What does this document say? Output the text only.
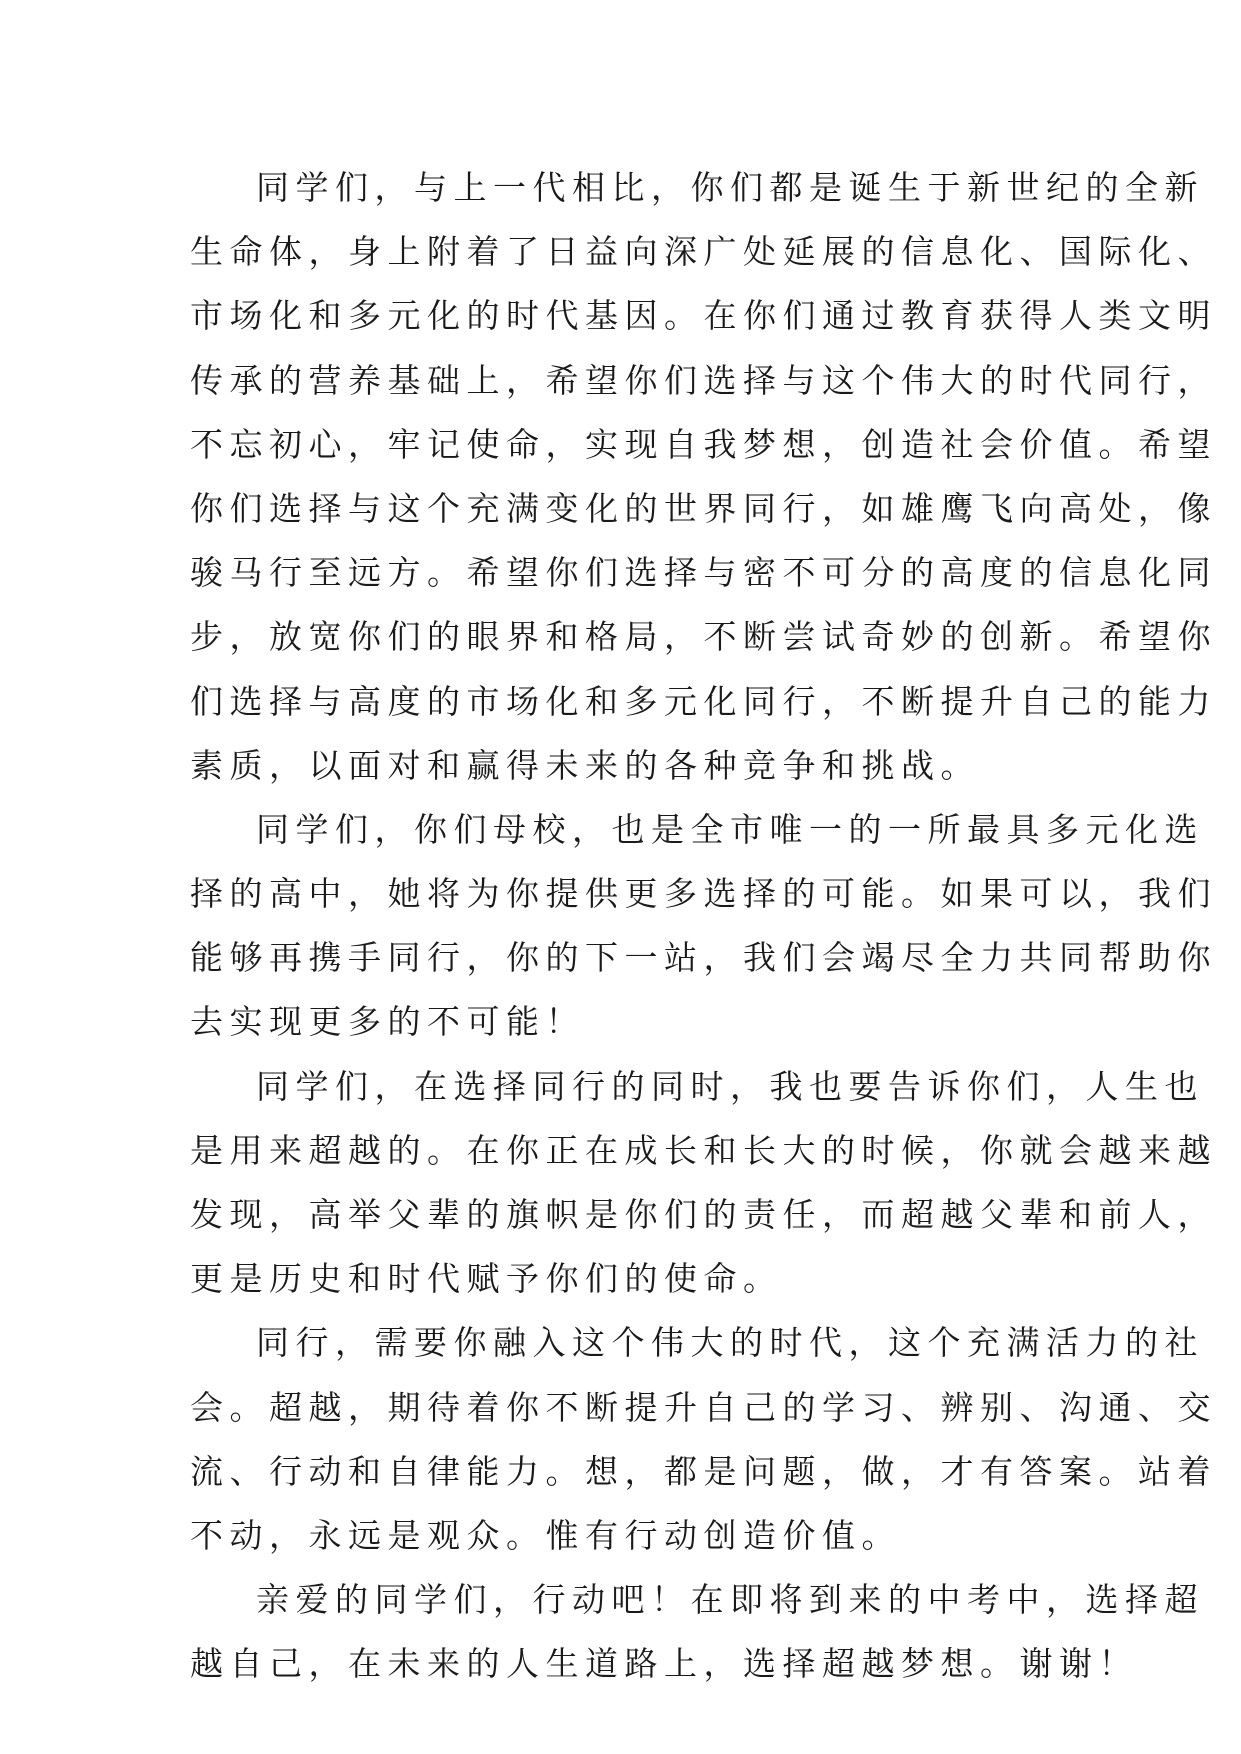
同学们，与上一代相比，你们都是诞生于新世纪的全新
生命体，身上附着了日益向深广处延展的信息化、国际化、
市场化和多元化的时代基因。在你们通过教育获得人类文明
传承的营养基础上，希望你们选择与这个伟大的时代同行，
不忘初心，牢记使命，实现自我梦想，创造社会价值。希望
你们选择与这个充满变化的世界同行，如雄鹰飞向高处，像
骏马行至远方。希望你们选择与密不可分的高度的信息化同
步，放宽你们的眼界和格局，不断尝试奇妙的创新。希望你
们选择与高度的市场化和多元化同行，不断提升自己的能力
素质，以面对和赢得未来的各种竞争和挑战。
同学们，你们母校，也是全市唯一的一所最具多元化选
择的高中，她将为你提供更多选择的可能。如果可以，我们
能够再携手同行，你的下一站，我们会竭尽全力共同帮助你
去实现更多的不可能！
同学们，在选择同行的同时，我也要告诉你们，人生也
是用来超越的。在你正在成长和长大的时候，你就会越来越
发现，高举父辈的旗帜是你们的责任，而超越父辈和前人，
更是历史和时代赋予你们的使命。
同行，需要你融入这个伟大的时代，这个充满活力的社
会。超越，期待着你不断提升自己的学习、辨别、沟通、交
流、行动和自律能力。想，都是问题，做，才有答案。站着
不动，永远是观众。惟有行动创造价值。
亲爱的同学们，行动吧！在即将到来的中考中，选择超
越自己，在未来的人生道路上，选择超越梦想。谢谢！
